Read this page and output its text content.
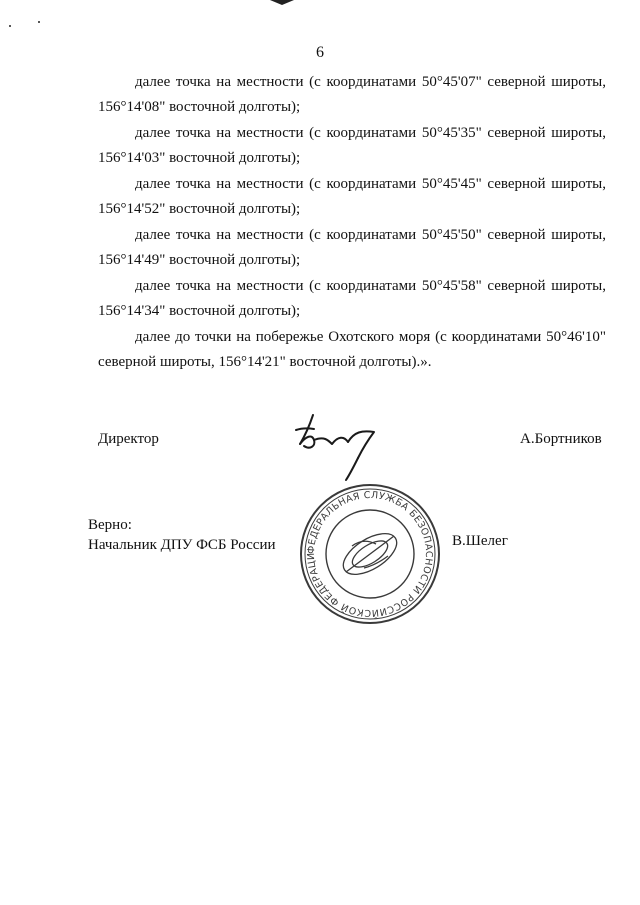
6
далее точка на местности (с координатами 50°45'07" северной широты, 156°14'08" восточной долготы);
далее точка на местности (с координатами 50°45'35" северной широты, 156°14'03" восточной долготы);
далее точка на местности (с координатами 50°45'45" северной широты, 156°14'52" восточной долготы);
далее точка на местности (с координатами 50°45'50" северной широты, 156°14'49" восточной долготы);
далее точка на местности (с координатами 50°45'58" северной широты, 156°14'34" восточной долготы);
далее до точки на побережье Охотского моря (с координатами 50°46'10" северной широты, 156°14'21" восточной долготы).».
Директор	А.Бортников
Верно:
Начальник ДПУ ФСБ России	ФЕДЕРАЛЬНАЯ СЛУЖБА БЕЗОПАСНОСТИ РОССИЙСКОЙ ФЕДЕРАЦИИ ОГРН 1037700260
В.Шелег
